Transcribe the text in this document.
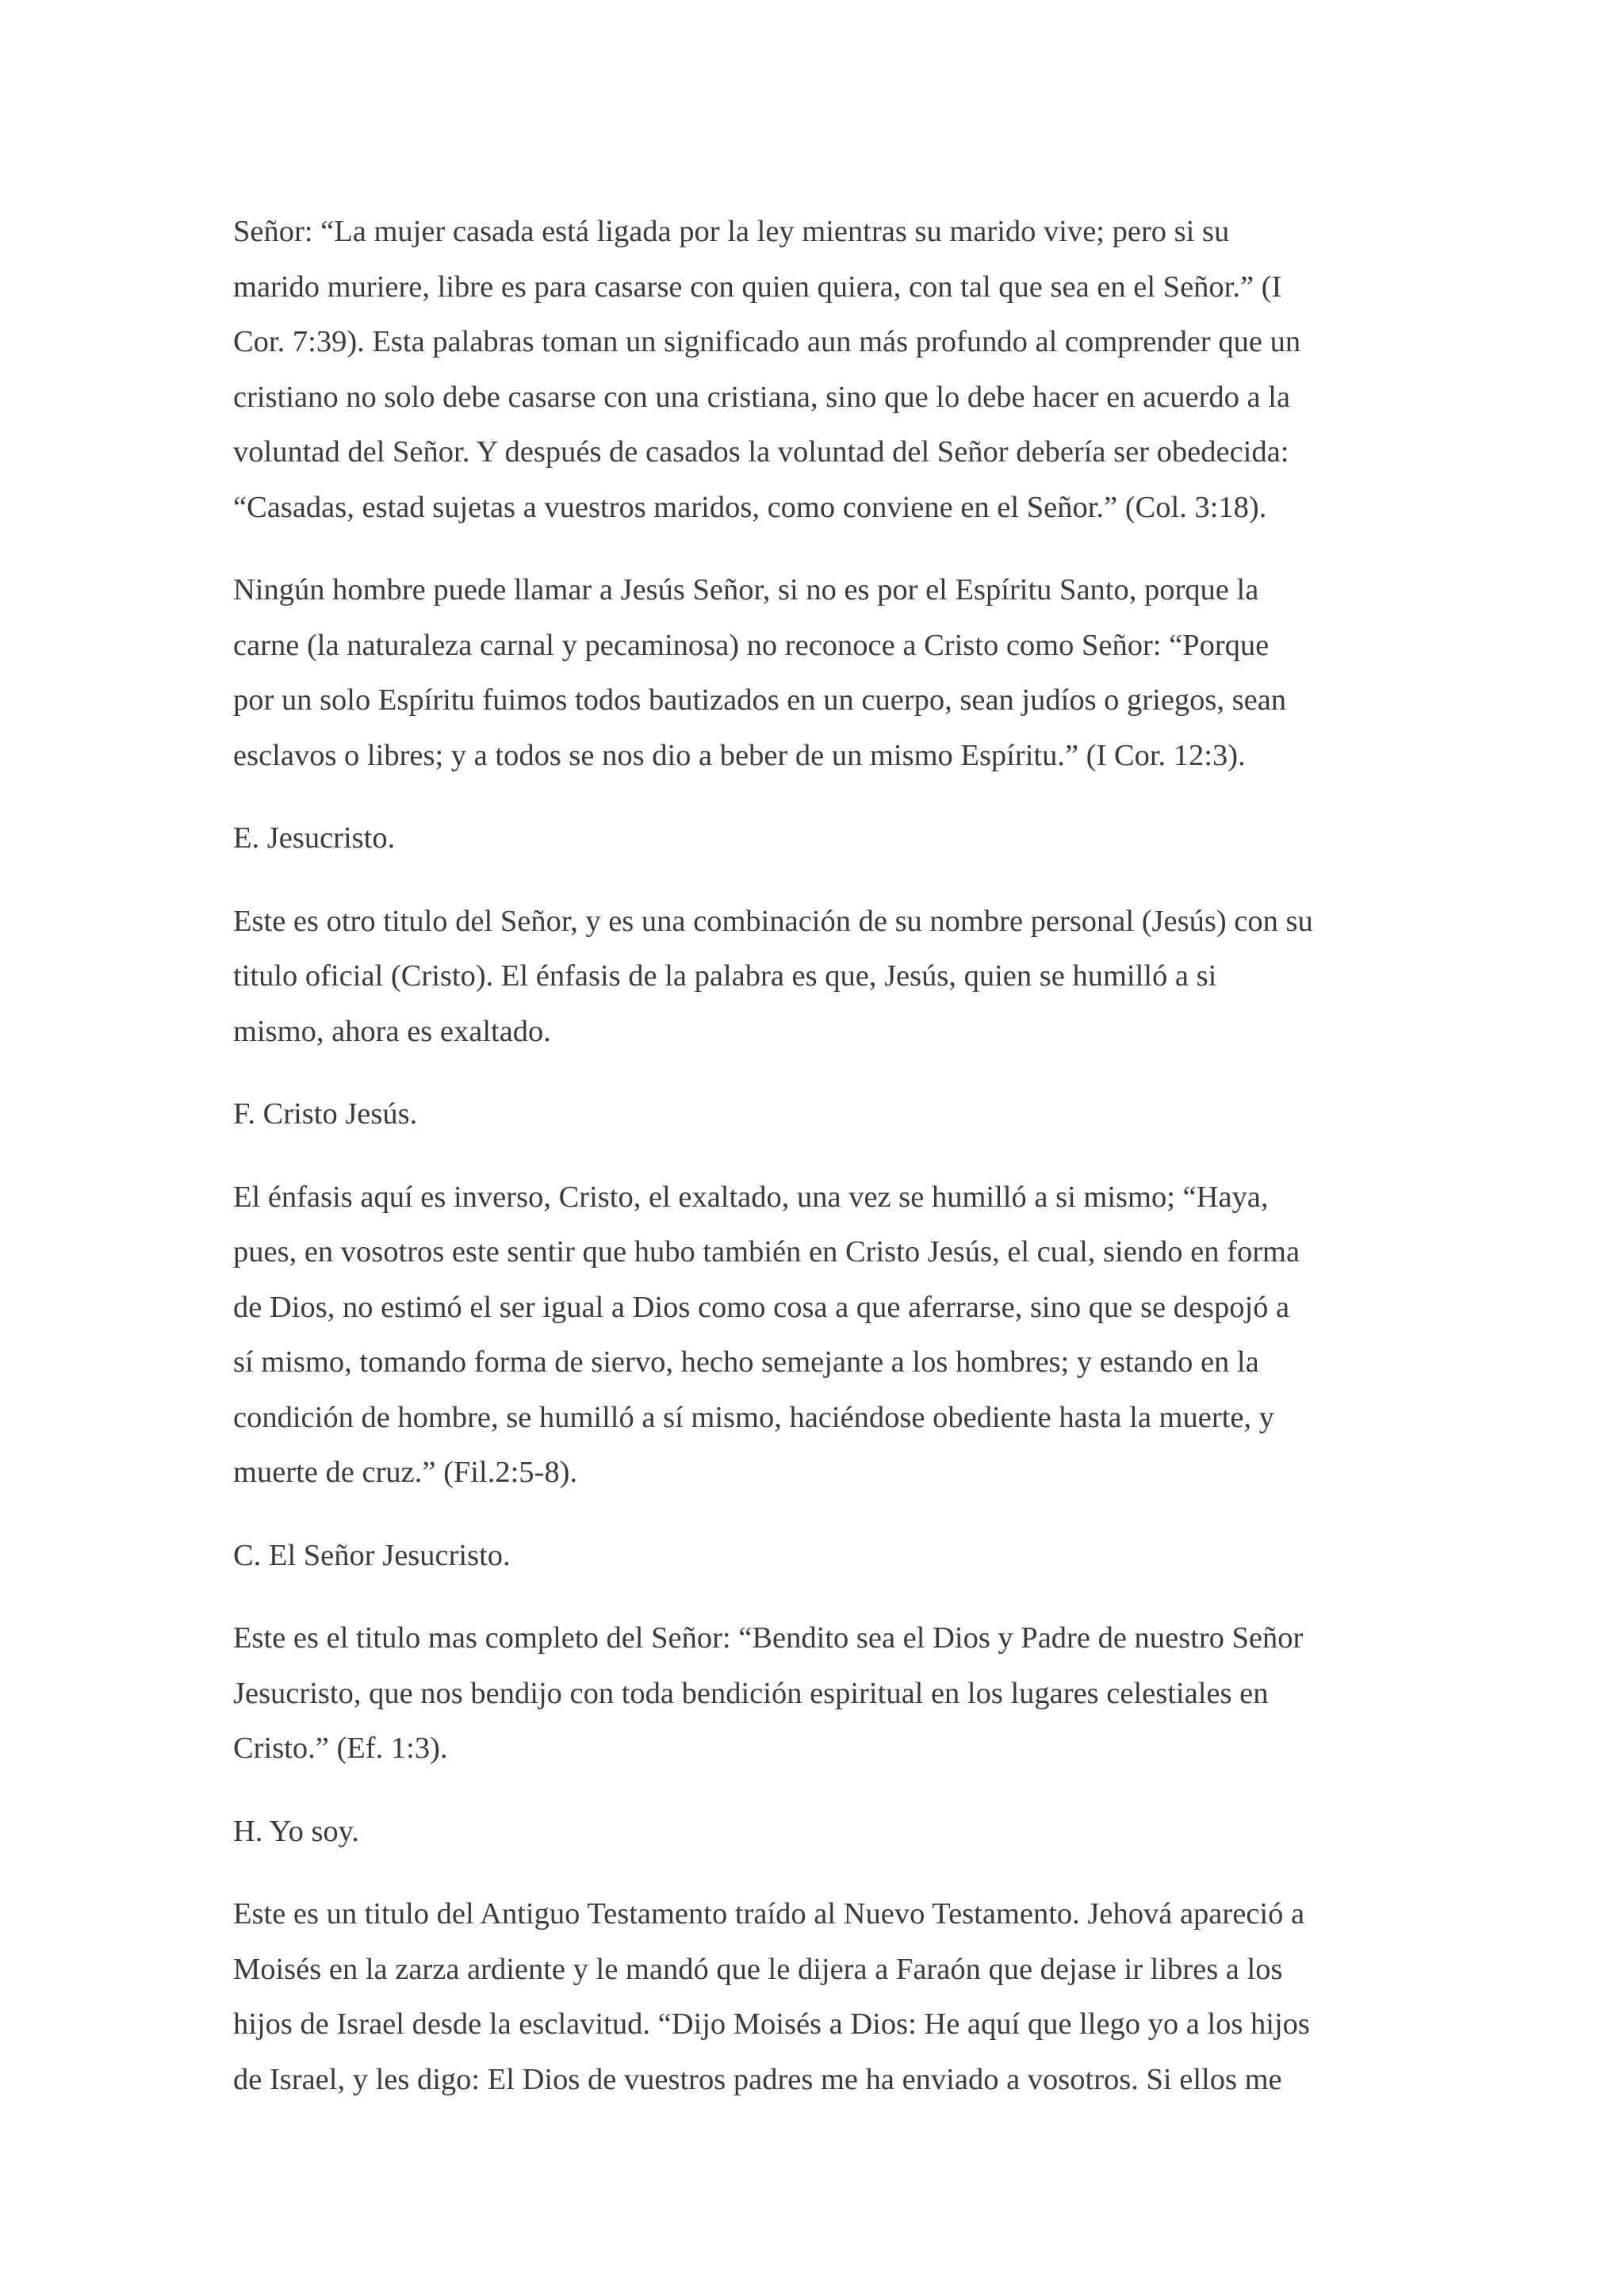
Señor: “La mujer casada está ligada por la ley mientras su marido vive; pero si su
marido muriere, libre es para casarse con quien quiera, con tal que sea en el Señor.” (I
Cor. 7:39). Esta palabras toman un significado aun más profundo al comprender que un
cristiano no solo debe casarse con una cristiana, sino que lo debe hacer en acuerdo a la
voluntad del Señor. Y después de casados la voluntad del Señor debería ser obedecida:
“Casadas, estad sujetas a vuestros maridos, como conviene en el Señor.” (Col. 3:18).

Ningún hombre puede llamar a Jesús Señor, si no es por el Espíritu Santo, porque la
carne (la naturaleza carnal y pecaminosa) no reconoce a Cristo como Señor: “Porque
por un solo Espíritu fuimos todos bautizados en un cuerpo, sean judíos o griegos, sean
esclavos o libres; y a todos se nos dio a beber de un mismo Espíritu.” (I Cor. 12:3).

E. Jesucristo.

Este es otro titulo del Señor, y es una combinación de su nombre personal (Jesús) con su
titulo oficial (Cristo). El énfasis de la palabra es que, Jesús, quien se humilló a si
mismo, ahora es exaltado.

F. Cristo Jesús.

El énfasis aquí es inverso, Cristo, el exaltado, una vez se humilló a si mismo; “Haya,
pues, en vosotros este sentir que hubo también en Cristo Jesús, el cual, siendo en forma
de Dios, no estimó el ser igual a Dios como cosa a que aferrarse, sino que se despojó a
sí mismo, tomando forma de siervo, hecho semejante a los hombres; y estando en la
condición de hombre, se humilló a sí mismo, haciéndose obediente hasta la muerte, y
muerte de cruz.” (Fil.2:5-8).

C. El Señor Jesucristo.

Este es el titulo mas completo del Señor: “Bendito sea el Dios y Padre de nuestro Señor
Jesucristo, que nos bendijo con toda bendición espiritual en los lugares celestiales en
Cristo.” (Ef. 1:3).

H. Yo soy.

Este es un titulo del Antiguo Testamento traído al Nuevo Testamento. Jehová apareció a
Moisés en la zarza ardiente y le mandó que le dijera a Faraón que dejase ir libres a los
hijos de Israel desde la esclavitud. “Dijo Moisés a Dios: He aquí que llego yo a los hijos
de Israel, y les digo: El Dios de vuestros padres me ha enviado a vosotros. Si ellos me
